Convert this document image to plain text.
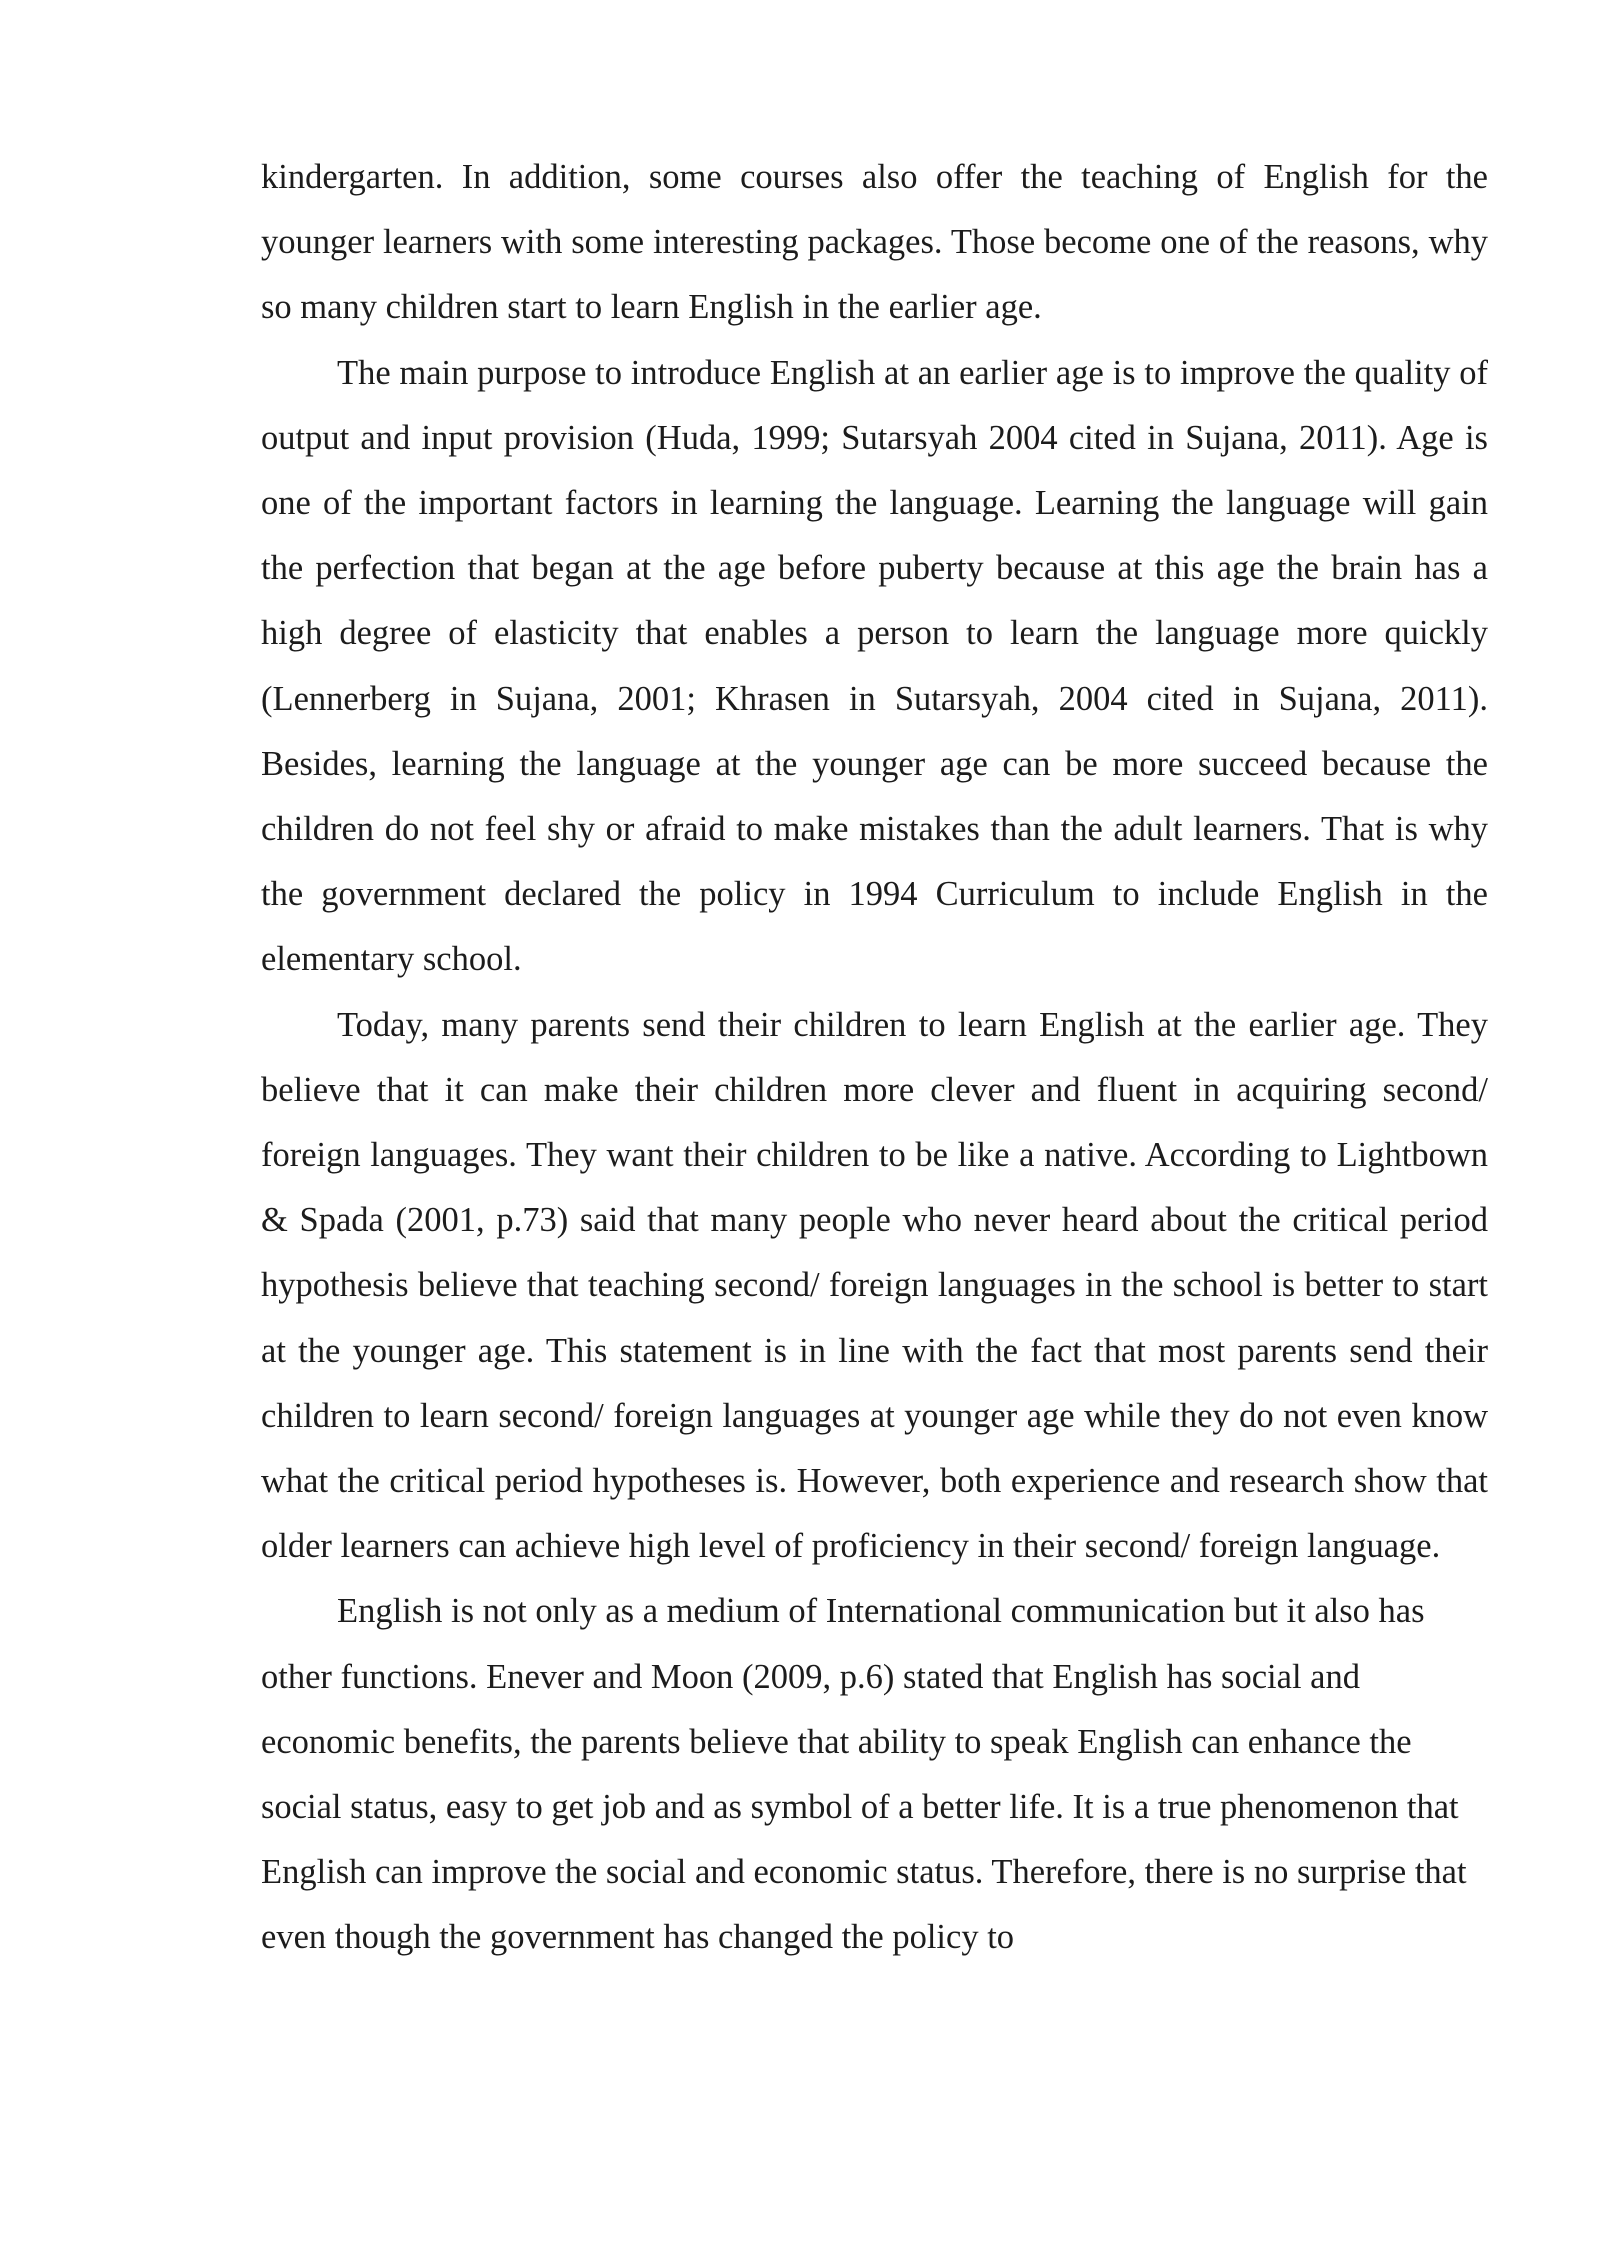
kindergarten. In addition, some courses also offer the teaching of English for the younger learners with some interesting packages. Those become one of the reasons, why so many children start to learn English in the earlier age.

The main purpose to introduce English at an earlier age is to improve the quality of output and input provision (Huda, 1999; Sutarsyah 2004 cited in Sujana, 2011). Age is one of the important factors in learning the language. Learning the language will gain the perfection that began at the age before puberty because at this age the brain has a high degree of elasticity that enables a person to learn the language more quickly (Lennerberg in Sujana, 2001; Khrasen in Sutarsyah, 2004 cited in Sujana, 2011). Besides, learning the language at the younger age can be more succeed because the children do not feel shy or afraid to make mistakes than the adult learners. That is why the government declared the policy in 1994 Curriculum to include English in the elementary school.

Today, many parents send their children to learn English at the earlier age. They believe that it can make their children more clever and fluent in acquiring second/ foreign languages. They want their children to be like a native. According to Lightbown & Spada (2001, p.73) said that many people who never heard about the critical period hypothesis believe that teaching second/ foreign languages in the school is better to start at the younger age. This statement is in line with the fact that most parents send their children to learn second/ foreign languages at younger age while they do not even know what the critical period hypotheses is. However, both experience and research show that older learners can achieve high level of proficiency in their second/ foreign language.

English is not only as a medium of International communication but it also has other functions. Enever and Moon (2009, p.6) stated that English has social and economic benefits, the parents believe that ability to speak English can enhance the social status, easy to get job and as symbol of a better life. It is a true phenomenon that English can improve the social and economic status. Therefore, there is no surprise that even though the government has changed the policy to
